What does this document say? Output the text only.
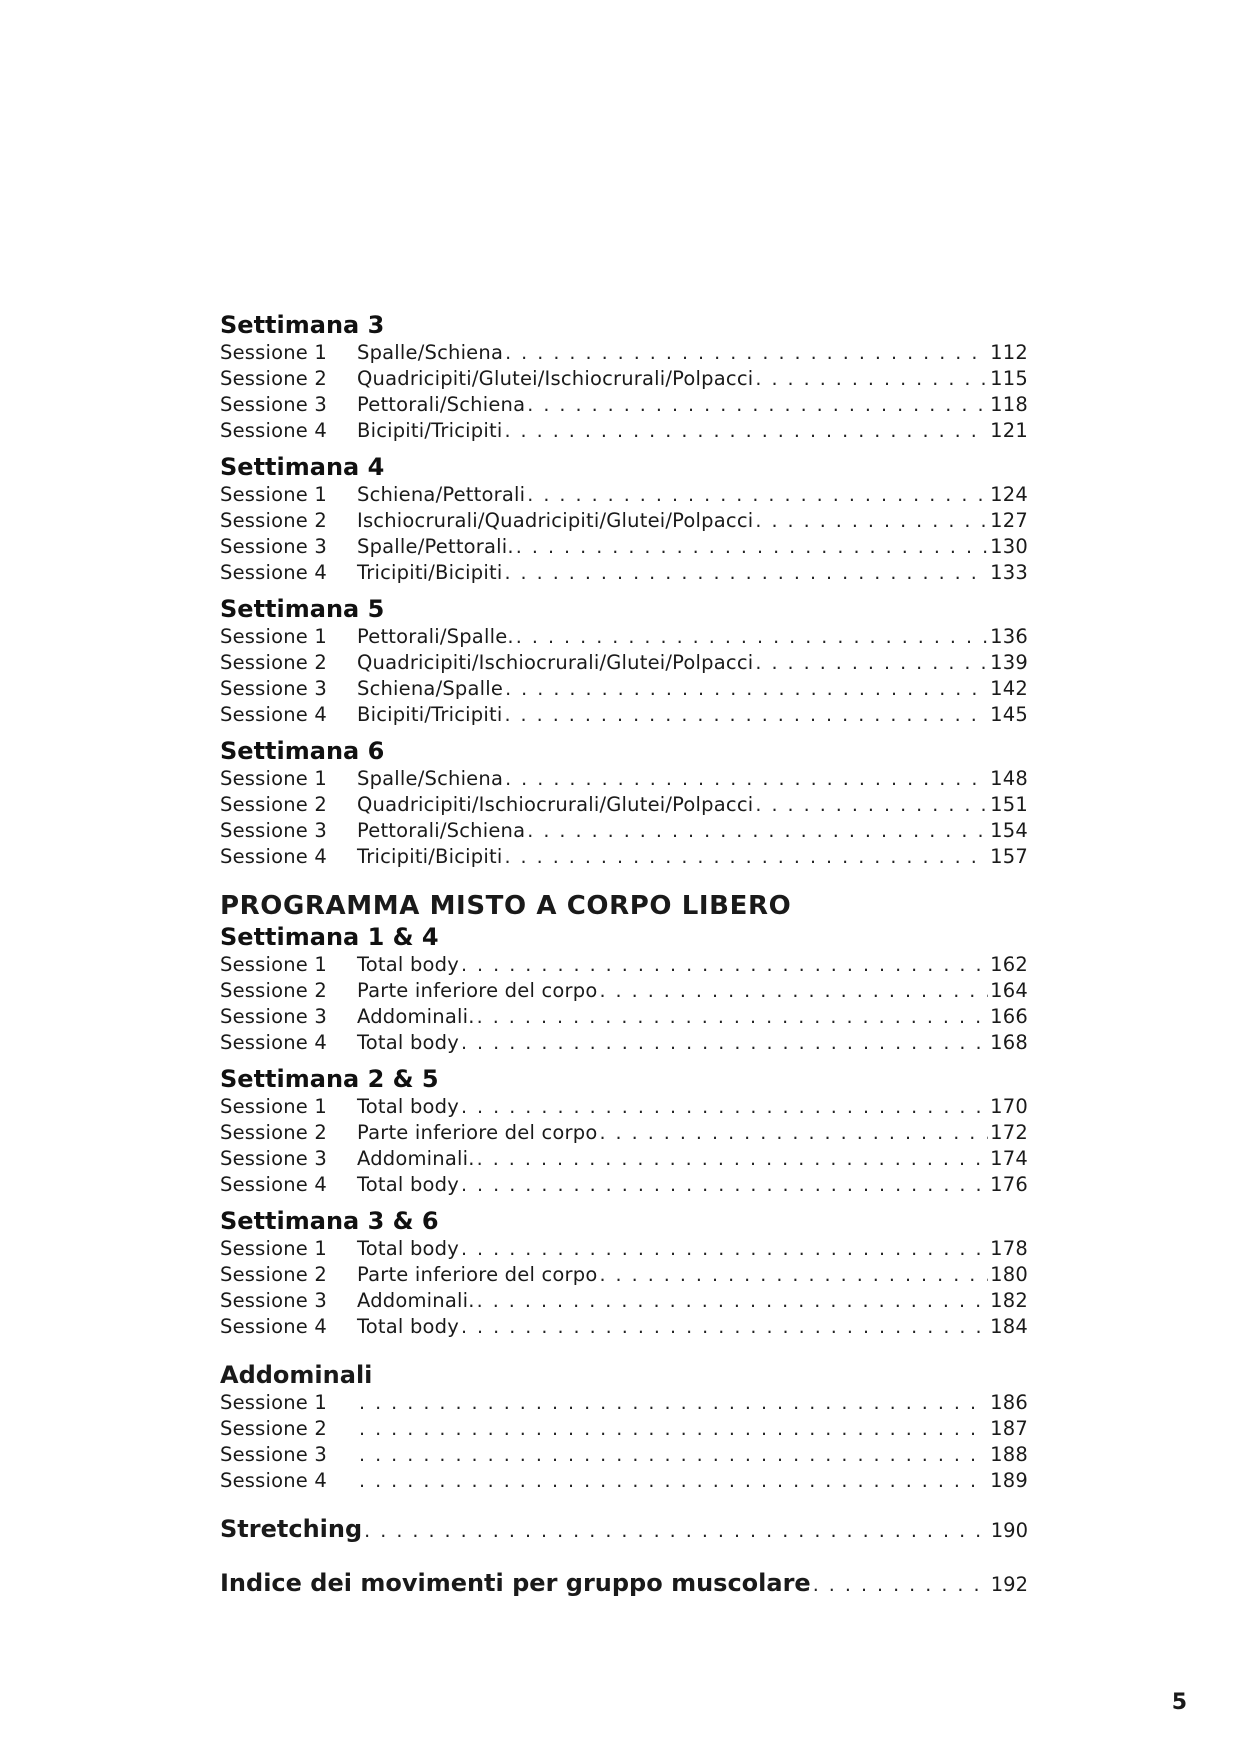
Settimana 3
Sessione 1	Spalle/Schiena . . .	112
Sessione 2	Quadricipiti/Glutei/Ischiocrurali/Polpacci . . .	115
Sessione 3	Pettorali/Schiena . . .	118
Sessione 4	Bicipiti/Tricipiti . . .	121
Settimana 4
Sessione 1	Schiena/Pettorali . . .	124
Sessione 2	Ischiocrurali/Quadricipiti/Glutei/Polpacci . . .	127
Sessione 3	Spalle/Pettorali. . . .	130
Sessione 4	Tricipiti/Bicipiti . . .	133
Settimana 5
Sessione 1	Pettorali/Spalle. . . .	136
Sessione 2	Quadricipiti/Ischiocrurali/Glutei/Polpacci . . .	139
Sessione 3	Schiena/Spalle . . .	142
Sessione 4	Bicipiti/Tricipiti . . .	145
Settimana 6
Sessione 1	Spalle/Schiena . . .	148
Sessione 2	Quadricipiti/Ischiocrurali/Glutei/Polpacci . . .	151
Sessione 3	Pettorali/Schiena . . .	154
Sessione 4	Tricipiti/Bicipiti . . .	157
PROGRAMMA MISTO A CORPO LIBERO
Settimana 1 & 4
Sessione 1	Total body . . .	162
Sessione 2	Parte inferiore del corpo . . .	164
Sessione 3	Addominali. . . .	166
Sessione 4	Total body . . .	168
Settimana 2 & 5
Sessione 1	Total body . . .	170
Sessione 2	Parte inferiore del corpo . . .	172
Sessione 3	Addominali. . . .	174
Sessione 4	Total body . . .	176
Settimana 3 & 6
Sessione 1	Total body . . .	178
Sessione 2	Parte inferiore del corpo . . .	180
Sessione 3	Addominali. . . .	182
Sessione 4	Total body . . .	184
Addominali
Sessione 1 . . .	186
Sessione 2 . . .	187
Sessione 3 . . .	188
Sessione 4 . . .	189
Stretching . . .	190
Indice dei movimenti per gruppo muscolare . . .	192
5
